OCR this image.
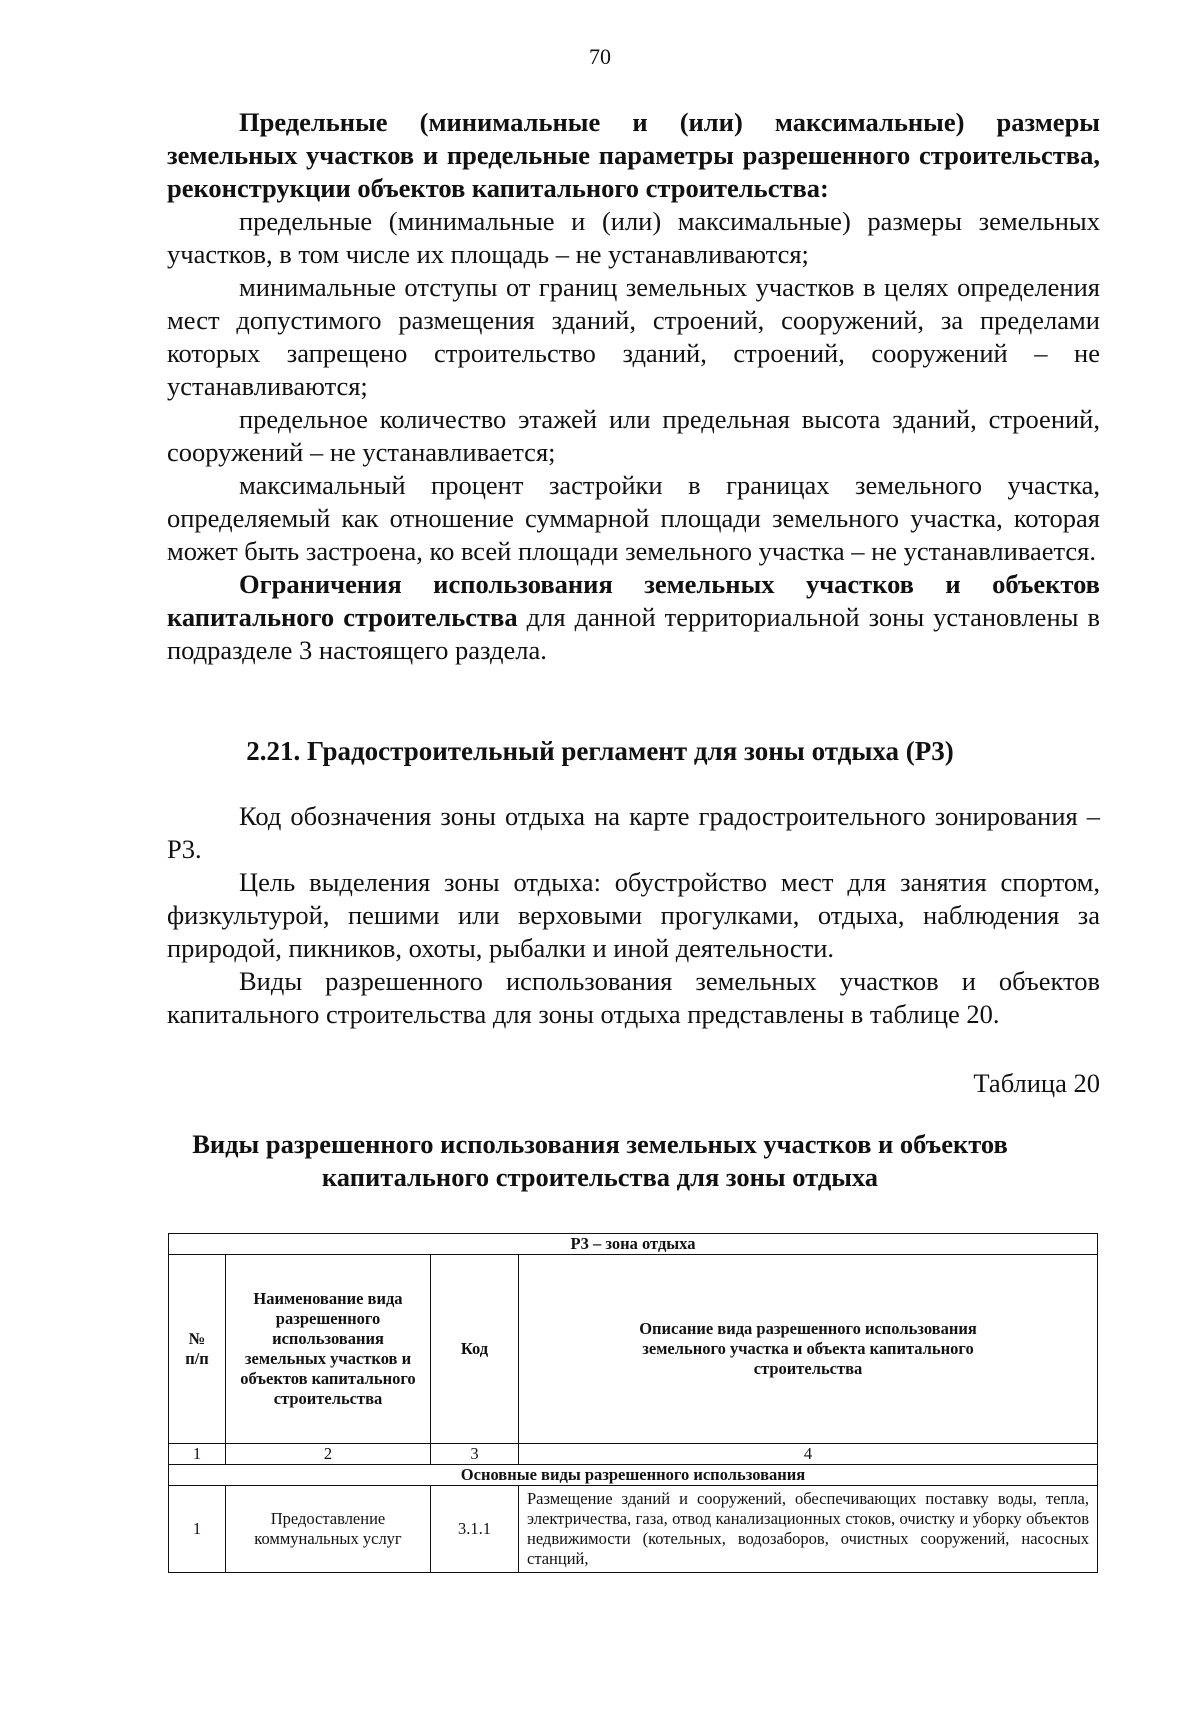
70

Предельные (минимальные и (или) максимальные) размеры земельных участков и предельные параметры разрешенного строительства, реконструкции объектов капитального строительства:

предельные (минимальные и (или) максимальные) размеры земельных участков, в том числе их площадь – не устанавливаются;

минимальные отступы от границ земельных участков в целях определения мест допустимого размещения зданий, строений, сооружений, за пределами которых запрещено строительство зданий, строений, сооружений – не устанавливаются;

предельное количество этажей или предельная высота зданий, строений, сооружений – не устанавливается;

максимальный процент застройки в границах земельного участка, определяемый как отношение суммарной площади земельного участка, которая может быть застроена, ко всей площади земельного участка – не устанавливается.

Ограничения использования земельных участков и объектов капитального строительства для данной территориальной зоны установлены в подразделе 3 настоящего раздела.

2.21. Градостроительный регламент для зоны отдыха (Р3)

Код обозначения зоны отдыха на карте градостроительного зонирования – Р3.

Цель выделения зоны отдыха: обустройство мест для занятия спортом, физкультурой, пешими или верховыми прогулками, отдыха, наблюдения за природой, пикников, охоты, рыбалки и иной деятельности.

Виды разрешенного использования земельных участков и объектов капитального строительства для зоны отдыха представлены в таблице 20.

Таблица 20
Виды разрешенного использования земельных участков и объектов
капитального строительства для зоны отдыха
Р3 – зона отдыха			
№
п/п	Наименование вида разрешенного использования земельных участков и объектов капитального строительства	Код	Описание вида разрешенного использования земельного участка и объекта капитального строительства
1	2	3	4
Основные виды разрешенного использования			
1	Предоставление коммунальных услуг	3.1.1	Размещение зданий и сооружений, обеспечивающих поставку воды, тепла, электричества, газа, отвод канализационных стоков, очистку и уборку объектов недвижимости (котельных, водозаборов, очистных сооружений, насосных станций,
